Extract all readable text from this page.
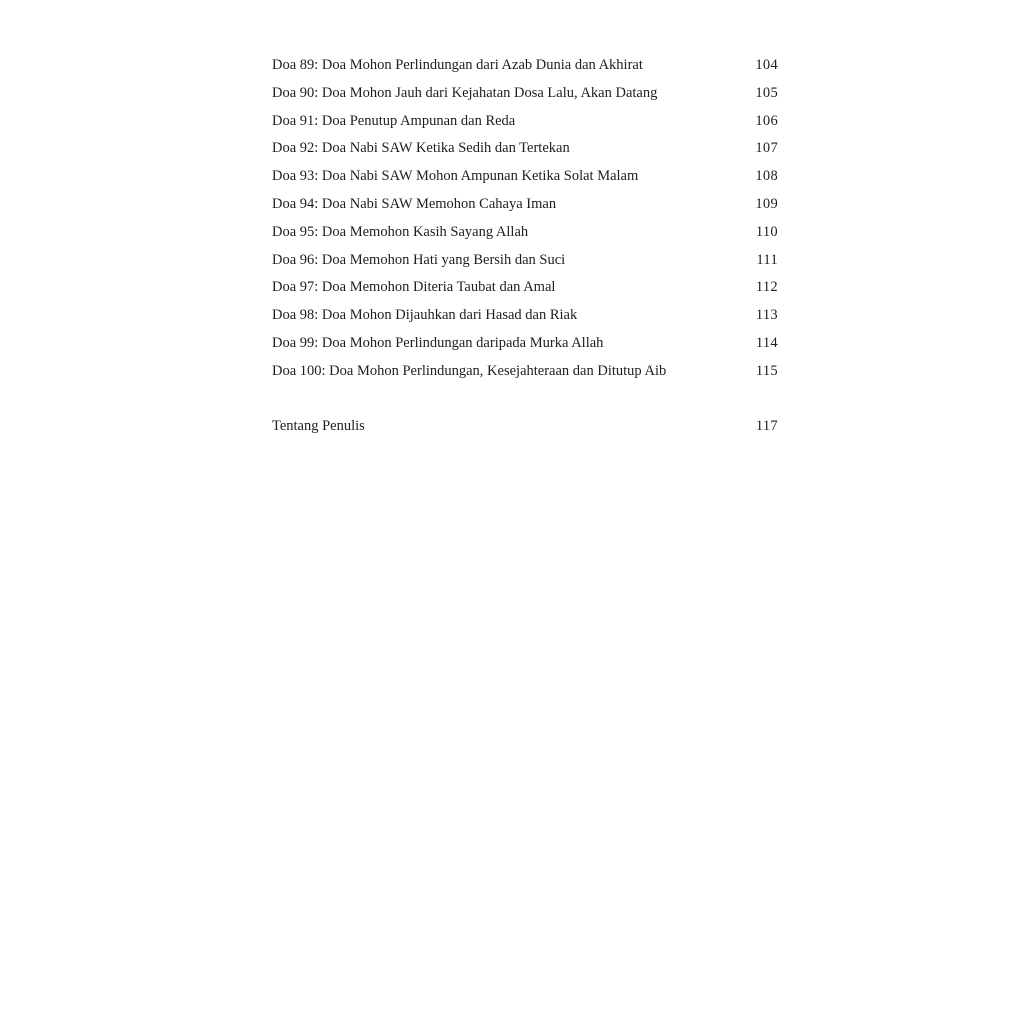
Doa 89: Doa Mohon Perlindungan dari Azab Dunia dan Akhirat	104
Doa 90: Doa Mohon Jauh dari Kejahatan Dosa Lalu, Akan Datang	105
Doa 91: Doa Penutup Ampunan dan Reda	106
Doa 92: Doa Nabi SAW Ketika Sedih dan Tertekan	107
Doa 93: Doa Nabi SAW Mohon Ampunan Ketika Solat Malam	108
Doa 94: Doa Nabi SAW Memohon Cahaya Iman	109
Doa 95: Doa Memohon Kasih Sayang Allah	110
Doa 96: Doa Memohon Hati yang Bersih dan Suci	111
Doa 97: Doa Memohon Diteria Taubat dan Amal	112
Doa 98: Doa Mohon Dijauhkan dari Hasad dan Riak	113
Doa 99: Doa Mohon Perlindungan daripada Murka Allah	114
Doa 100: Doa Mohon Perlindungan, Kesejahteraan dan Ditutup Aib	115
Tentang Penulis	117
